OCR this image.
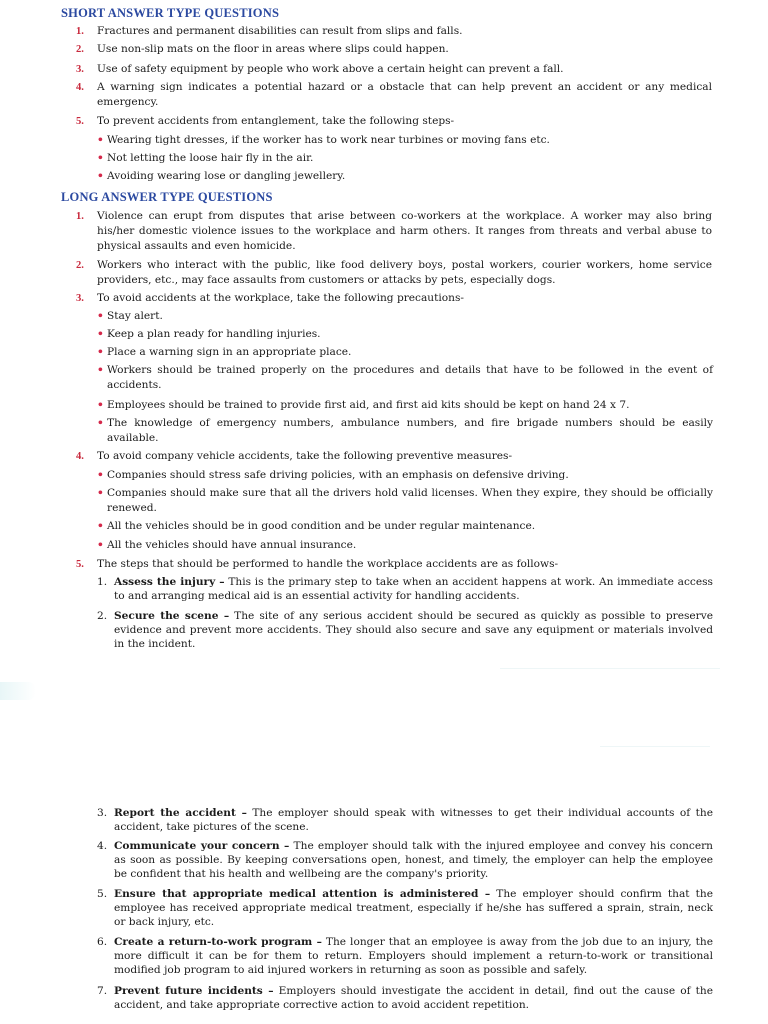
SHORT ANSWER TYPE QUESTIONS
1. Fractures and permanent disabilities can result from slips and falls.
2. Use non-slip mats on the floor in areas where slips could happen.
3. Use of safety equipment by people who work above a certain height can prevent a fall.
4. A warning sign indicates a potential hazard or a obstacle that can help prevent an accident or any medical emergency.
5. To prevent accidents from entanglement, take the following steps-
• Wearing tight dresses, if the worker has to work near turbines or moving fans etc.
• Not letting the loose hair fly in the air.
• Avoiding wearing lose or dangling jewellery.
LONG ANSWER TYPE QUESTIONS
1. Violence can erupt from disputes that arise between co-workers at the workplace. A worker may also bring his/her domestic violence issues to the workplace and harm others. It ranges from threats and verbal abuse to physical assaults and even homicide.
2. Workers who interact with the public, like food delivery boys, postal workers, courier workers, home service providers, etc., may face assaults from customers or attacks by pets, especially dogs.
3. To avoid accidents at the workplace, take the following precautions-
• Stay alert.
• Keep a plan ready for handling injuries.
• Place a warning sign in an appropriate place.
• Workers should be trained properly on the procedures and details that have to be followed in the event of accidents.
• Employees should be trained to provide first aid, and first aid kits should be kept on hand 24 x 7.
• The knowledge of emergency numbers, ambulance numbers, and fire brigade numbers should be easily available.
4. To avoid company vehicle accidents, take the following preventive measures-
• Companies should stress safe driving policies, with an emphasis on defensive driving.
• Companies should make sure that all the drivers hold valid licenses. When they expire, they should be officially renewed.
• All the vehicles should be in good condition and be under regular maintenance.
• All the vehicles should have annual insurance.
5. The steps that should be performed to handle the workplace accidents are as follows-
1. Assess the injury – This is the primary step to take when an accident happens at work. An immediate access to and arranging medical aid is an essential activity for handling accidents.
2. Secure the scene – The site of any serious accident should be secured as quickly as possible to preserve evidence and prevent more accidents. They should also secure and save any equipment or materials involved in the incident.
3. Report the accident – The employer should speak with witnesses to get their individual accounts of the accident, take pictures of the scene.
4. Communicate your concern – The employer should talk with the injured employee and convey his concern as soon as possible. By keeping conversations open, honest, and timely, the employer can help the employee be confident that his health and wellbeing are the company's priority.
5. Ensure that appropriate medical attention is administered – The employer should confirm that the employee has received appropriate medical treatment, especially if he/she has suffered a sprain, strain, neck or back injury, etc.
6. Create a return-to-work program – The longer that an employee is away from the job due to an injury, the more difficult it can be for them to return. Employers should implement a return-to-work or transitional modified job program to aid injured workers in returning as soon as possible and safely.
7. Prevent future incidents – Employers should investigate the accident in detail, find out the cause of the accident, and take appropriate corrective action to avoid accident repetition.
